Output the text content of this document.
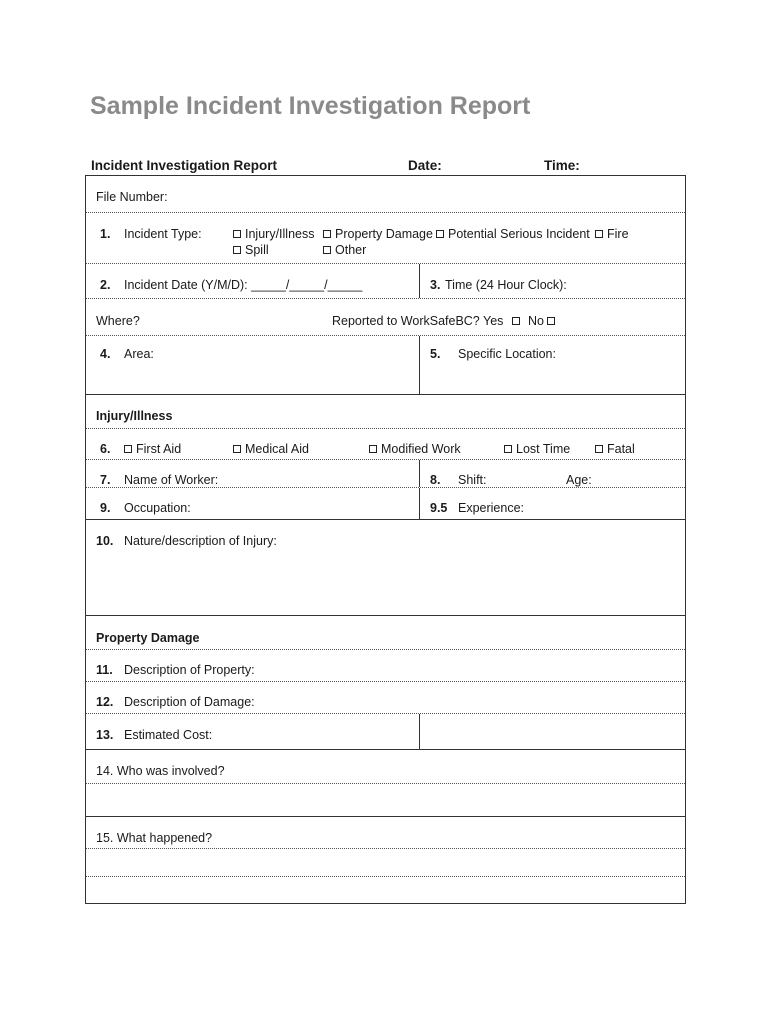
Sample Incident Investigation Report
Incident Investigation Report	Date:	Time:
File Number:
1. Incident Type:	Injury/Illness	Property Damage	Potential Serious Incident	Fire
Spill	Other
2. Incident Date (Y/M/D): _____/_____/_____	3. Time (24 Hour Clock):
Where?	Reported to WorkSafeBC? Yes No
4. Area:	5. Specific Location:
Injury/Illness
6.	First Aid	Medical Aid	Modified Work	Lost Time	Fatal
7. Name of Worker:	8. Shift:	Age:
9. Occupation:	9.5 Experience:
10. Nature/description of Injury:
Property Damage
11. Description of Property:
12. Description of Damage:
13. Estimated Cost:
14. Who was involved?
15. What happened?
